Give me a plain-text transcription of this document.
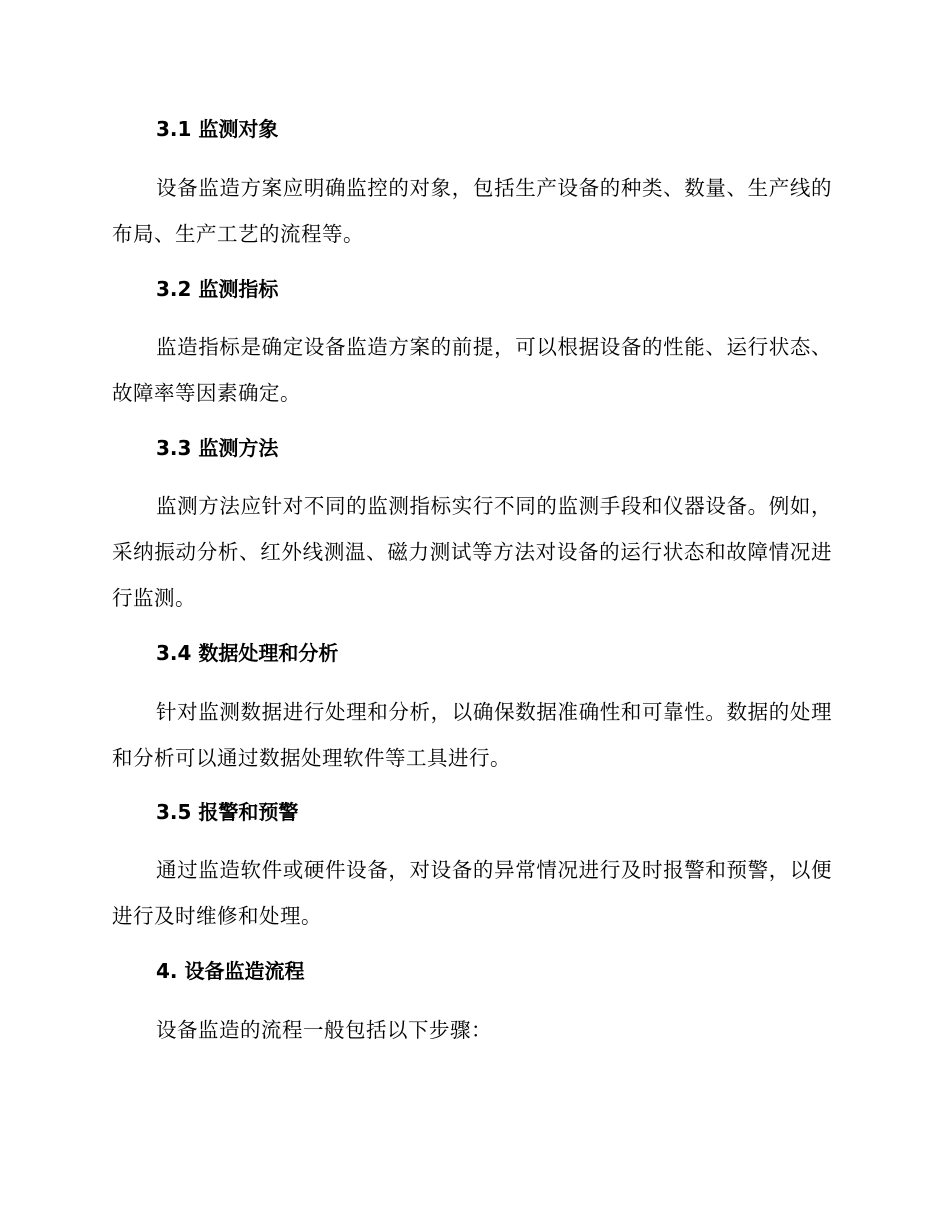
3.1 监测对象
设备监造方案应明确监控的对象，包括生产设备的种类、数量、生产线的布局、生产工艺的流程等。
3.2 监测指标
监造指标是确定设备监造方案的前提，可以根据设备的性能、运行状态、故障率等因素确定。
3.3 监测方法
监测方法应针对不同的监测指标实行不同的监测手段和仪器设备。例如，采纳振动分析、红外线测温、磁力测试等方法对设备的运行状态和故障情况进行监测。
3.4 数据处理和分析
针对监测数据进行处理和分析，以确保数据准确性和可靠性。数据的处理和分析可以通过数据处理软件等工具进行。
3.5 报警和预警
通过监造软件或硬件设备，对设备的异常情况进行及时报警和预警，以便进行及时维修和处理。
4. 设备监造流程
设备监造的流程一般包括以下步骤：
